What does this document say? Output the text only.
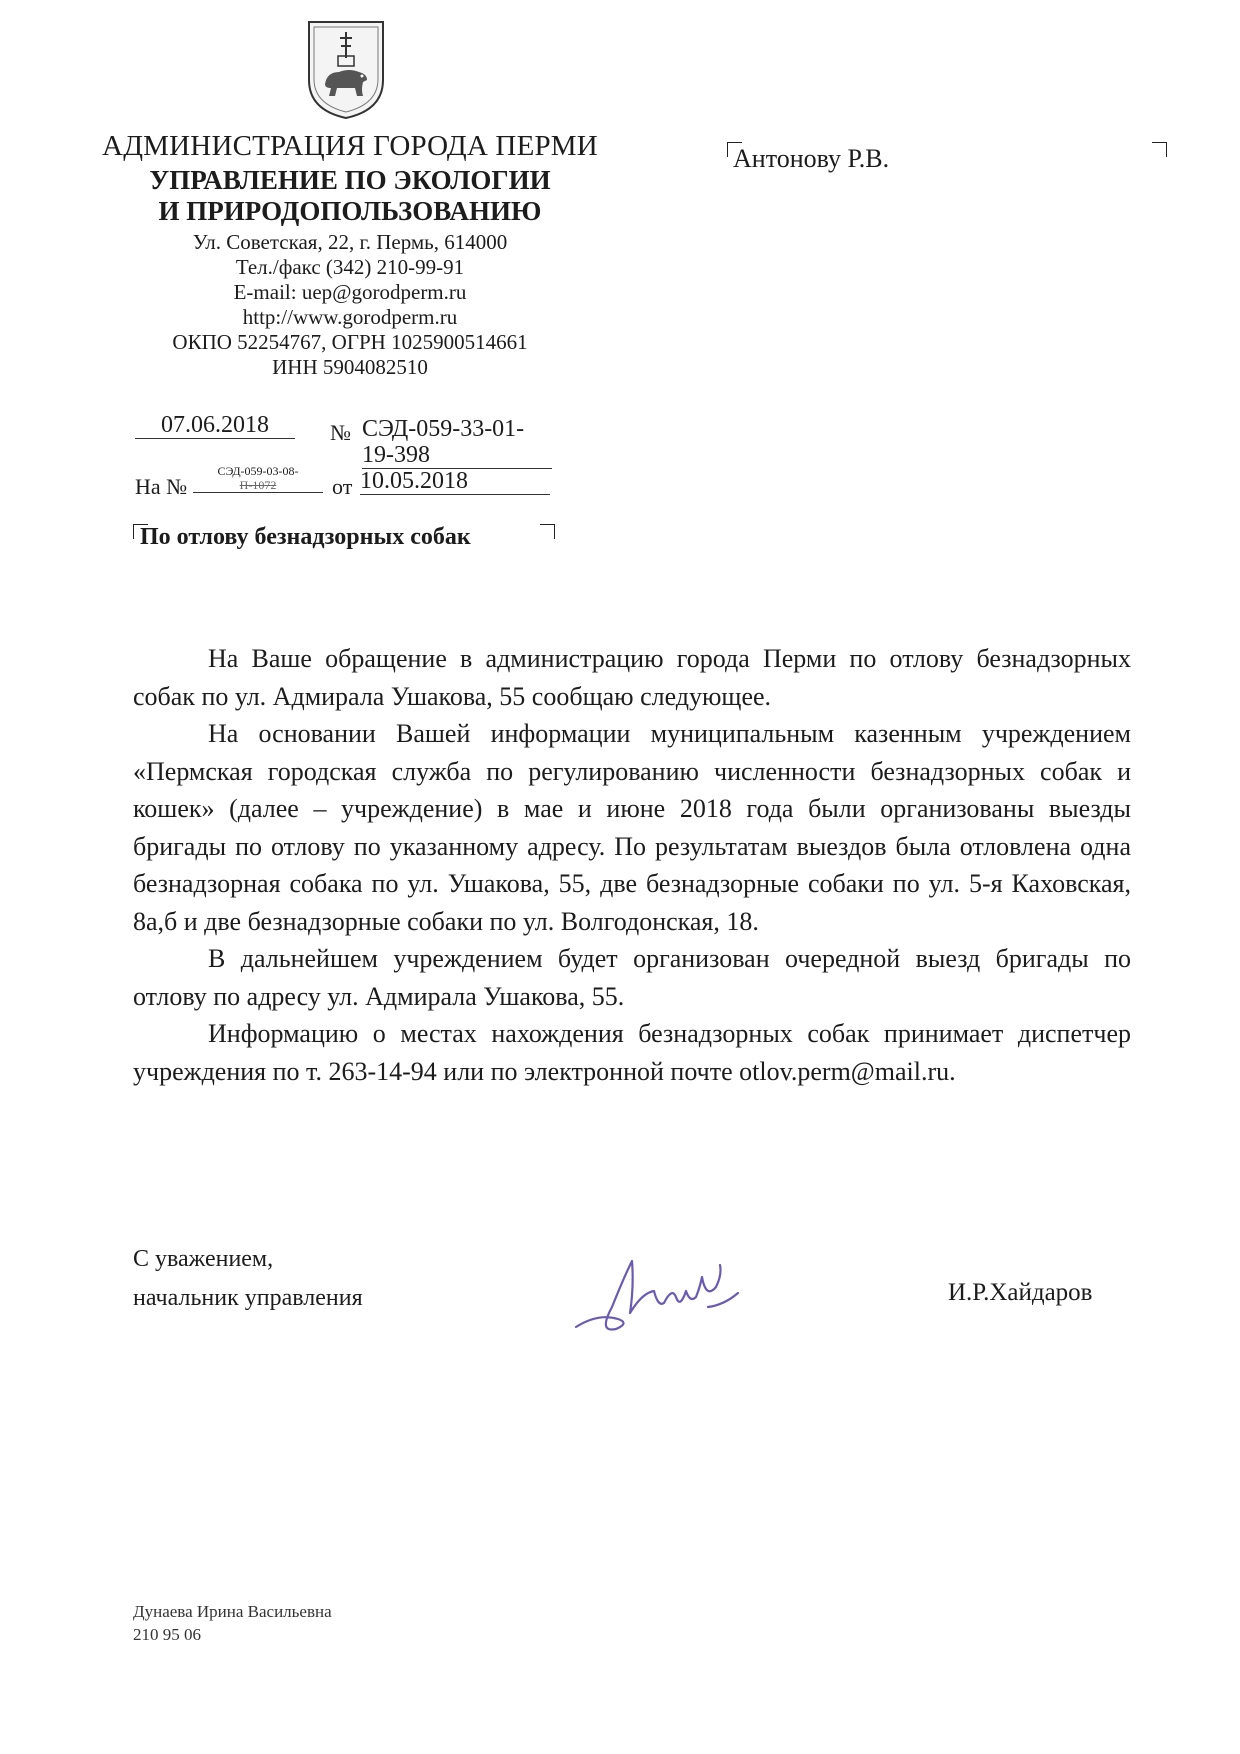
АДМИНИСТРАЦИЯ ГОРОДА ПЕРМИ
УПРАВЛЕНИЕ ПО ЭКОЛОГИИ
И ПРИРОДОПОЛЬЗОВАНИЮ
Ул. Советская, 22, г. Пермь, 614000
Тел./факс (342) 210-99-91
E-mail: uep@gorodperm.ru
http://www.gorodperm.ru
ОКПО 52254767, ОГРН 1025900514661
ИНН 5904082510
Антонову Р.В.
07.06.2018	№ СЭД-059-33-01-19-398
На №
СЭД-059-03-08-
П-1072	от 10.05.2018
По отлову безнадзорных собак

На Ваше обращение в администрацию города Перми по отлову безнадзорных собак по ул. Адмирала Ушакова, 55 сообщаю следующее.

На основании Вашей информации муниципальным казенным учреждением «Пермская городская служба по регулированию численности безнадзорных собак и кошек» (далее – учреждение) в мае и июне 2018 года были организованы выезды бригады по отлову по указанному адресу. По результатам выездов была отловлена одна безнадзорная собака по ул. Ушакова, 55, две безнадзорные собаки по ул. 5-я Каховская, 8а,б и две безнадзорные собаки по ул. Волгодонская, 18.

В дальнейшем учреждением будет организован очередной выезд бригады по отлову по адресу ул. Адмирала Ушакова, 55.

Информацию о местах нахождения безнадзорных собак принимает диспетчер учреждения по т. 263-14-94 или по электронной почте otlov.perm@mail.ru.

С уважением,
начальник управления	И.Р.Хайдаров
Дунаева Ирина Васильевна
210 95 06
